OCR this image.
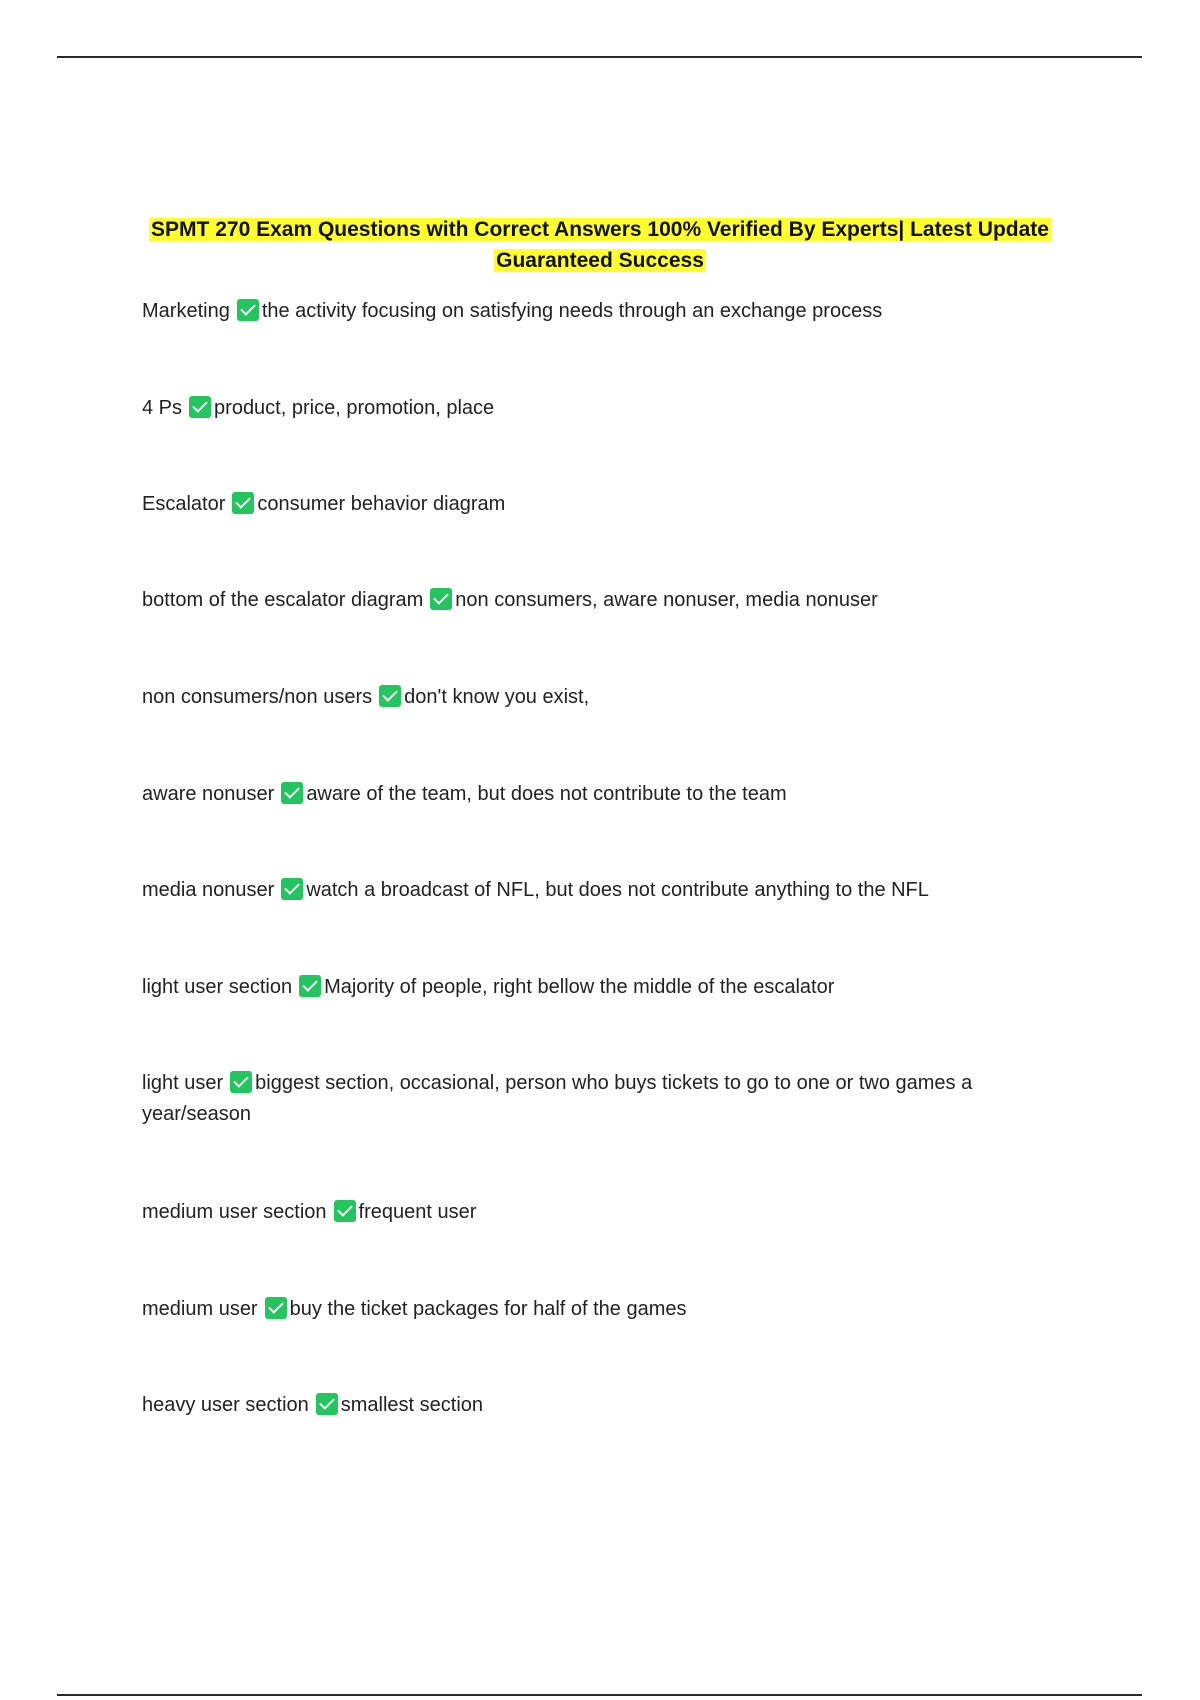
SPMT 270 Exam Questions with Correct Answers 100% Verified By Experts| Latest Update Guaranteed Success
Marketing the activity focusing on satisfying needs through an exchange process
4 Ps product, price, promotion, place
Escalator consumer behavior diagram
bottom of the escalator diagram non consumers, aware nonuser, media nonuser
non consumers/non users don't know you exist,
aware nonuser aware of the team, but does not contribute to the team
media nonuser watch a broadcast of NFL, but does not contribute anything to the NFL
light user section Majority of people, right bellow the middle of the escalator
light user biggest section, occasional, person who buys tickets to go to one or two games a year/season
medium user section frequent user
medium user buy the ticket packages for half of the games
heavy user section smallest section
